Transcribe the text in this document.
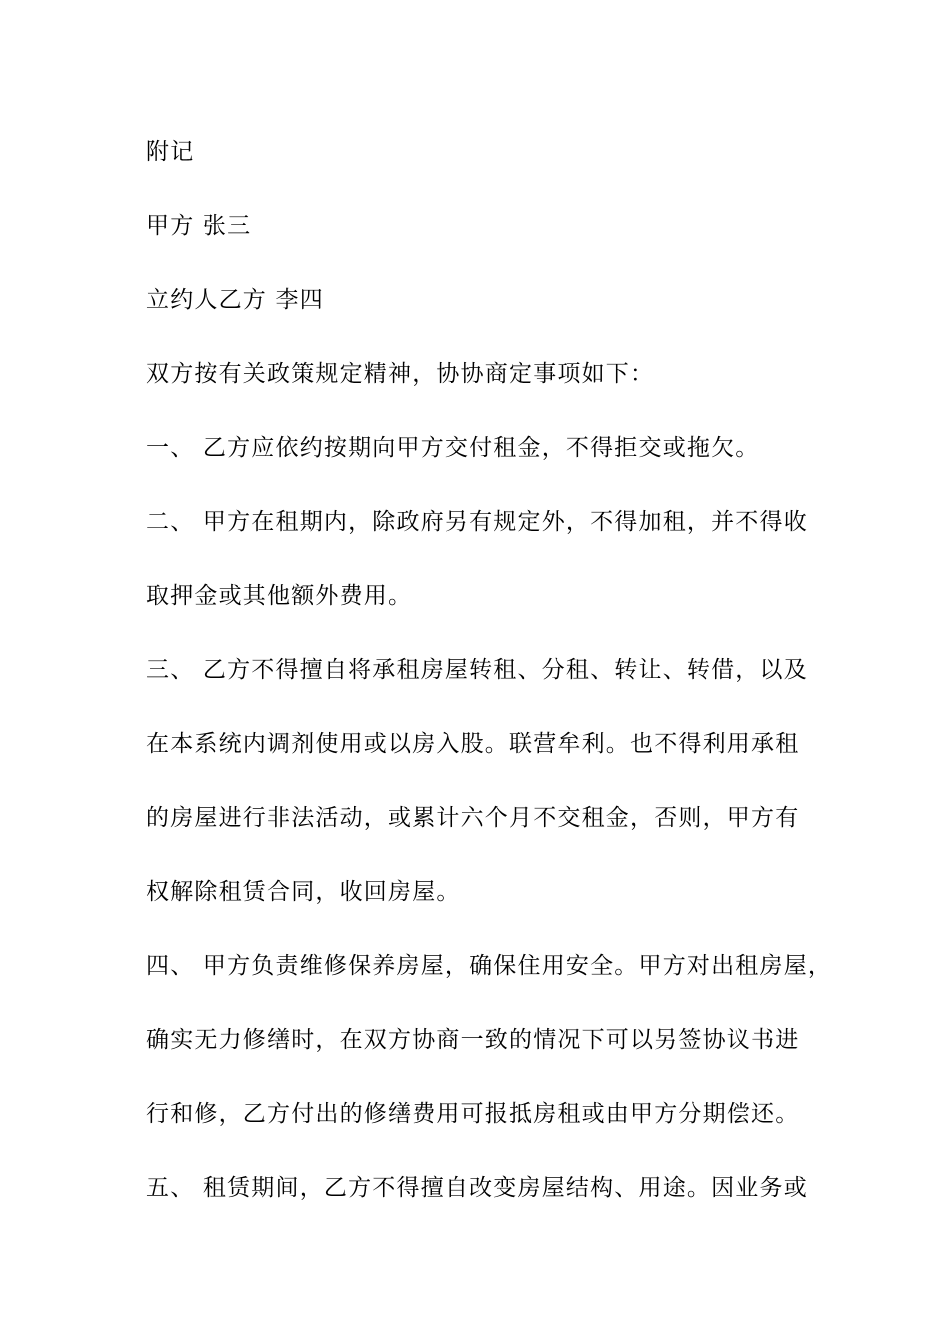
附记
甲方 张三
立约人乙方 李四
双方按有关政策规定精神，协协商定事项如下：
一、 乙方应依约按期向甲方交付租金，不得拒交或拖欠。
二、 甲方在租期内，除政府另有规定外，不得加租，并不得收
取押金或其他额外费用。
三、 乙方不得擅自将承租房屋转租、分租、转让、转借，以及
在本系统内调剂使用或以房入股。联营牟利。也不得利用承租
的房屋进行非法活动，或累计六个月不交租金，否则，甲方有
权解除租赁合同，收回房屋。
四、 甲方负责维修保养房屋，确保住用安全。甲方对出租房屋，
确实无力修缮时，在双方协商一致的情况下可以另签协议书进
行和修，乙方付出的修缮费用可报抵房租或由甲方分期偿还。
五、 租赁期间，乙方不得擅自改变房屋结构、用途。因业务或
